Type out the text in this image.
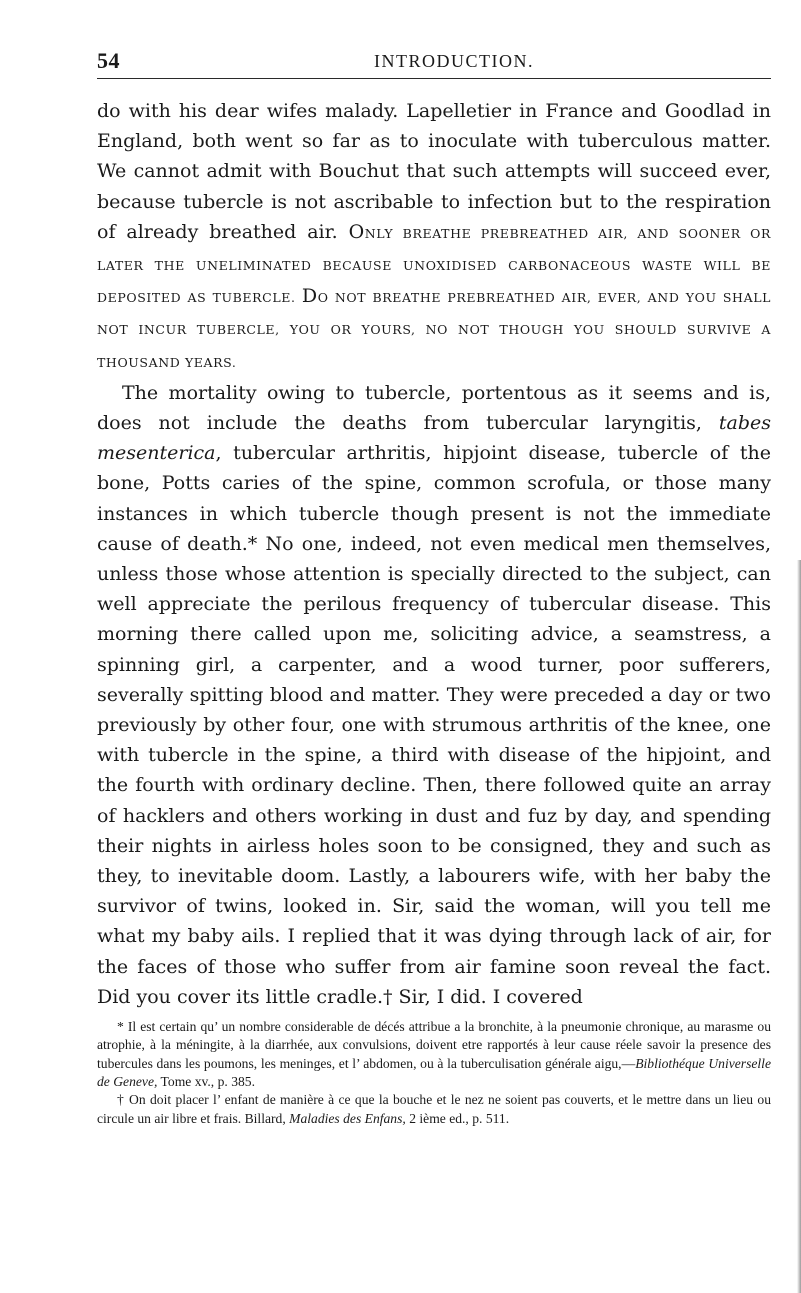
54	INTRODUCTION.

do with his dear wifes malady. Lapelletier in France and Goodlad in England, both went so far as to inoculate with tuberculous matter. We cannot admit with Bouchut that such attempts will succeed ever, because tubercle is not ascribable to infection but to the respiration of already breathed air. ONLY BREATHE PREBREATHED AIR, AND SOONER OR LATER THE UNELIMINATED BECAUSE UNOXIDISED CARBONACEOUS WASTE WILL BE DEPOSITED AS TUBERCLE. DO NOT BREATHE PREBREATHED AIR, EVER, AND YOU SHALL NOT INCUR TUBERCLE, YOU OR YOURS, NO NOT THOUGH YOU SHOULD SURVIVE A THOUSAND YEARS.

The mortality owing to tubercle, portentous as it seems and is, does not include the deaths from tubercular laryngitis, tabes mesenterica, tubercular arthritis, hipjoint disease, tubercle of the bone, Potts caries of the spine, common scrofula, or those many instances in which tubercle though present is not the immediate cause of death.* No one, indeed, not even medical men themselves, unless those whose attention is specially directed to the subject, can well appreciate the perilous frequency of tubercular disease. This morning there called upon me, soliciting advice, a seamstress, a spinning girl, a carpenter, and a wood turner, poor sufferers, severally spitting blood and matter. They were preceded a day or two previously by other four, one with strumous arthritis of the knee, one with tubercle in the spine, a third with disease of the hipjoint, and the fourth with ordinary decline. Then, there followed quite an array of hacklers and others working in dust and fuz by day, and spending their nights in airless holes soon to be consigned, they and such as they, to inevitable doom. Lastly, a labourers wife, with her baby the survivor of twins, looked in. Sir, said the woman, will you tell me what my baby ails. I replied that it was dying through lack of air, for the faces of those who suffer from air famine soon reveal the fact. Did you cover its little cradle.† Sir, I did. I covered

* Il est certain qu’ un nombre considerable de décés attribue a la bronchite, à la pneumonie chronique, au marasme ou atrophie, à la méningite, à la diarrhée, aux convulsions, doivent etre rapportés à leur cause réele savoir la presence des tubercules dans les poumons, les meninges, et l’ abdomen, ou à la tuberculisation générale aigu,—Bibliothéque Universelle de Geneve, Tome xv., p. 385.

† On doit placer l’ enfant de manière à ce que la bouche et le nez ne soient pas couverts, et le mettre dans un lieu ou circule un air libre et frais. Billard, Maladies des Enfans, 2 ième ed., p. 511.
